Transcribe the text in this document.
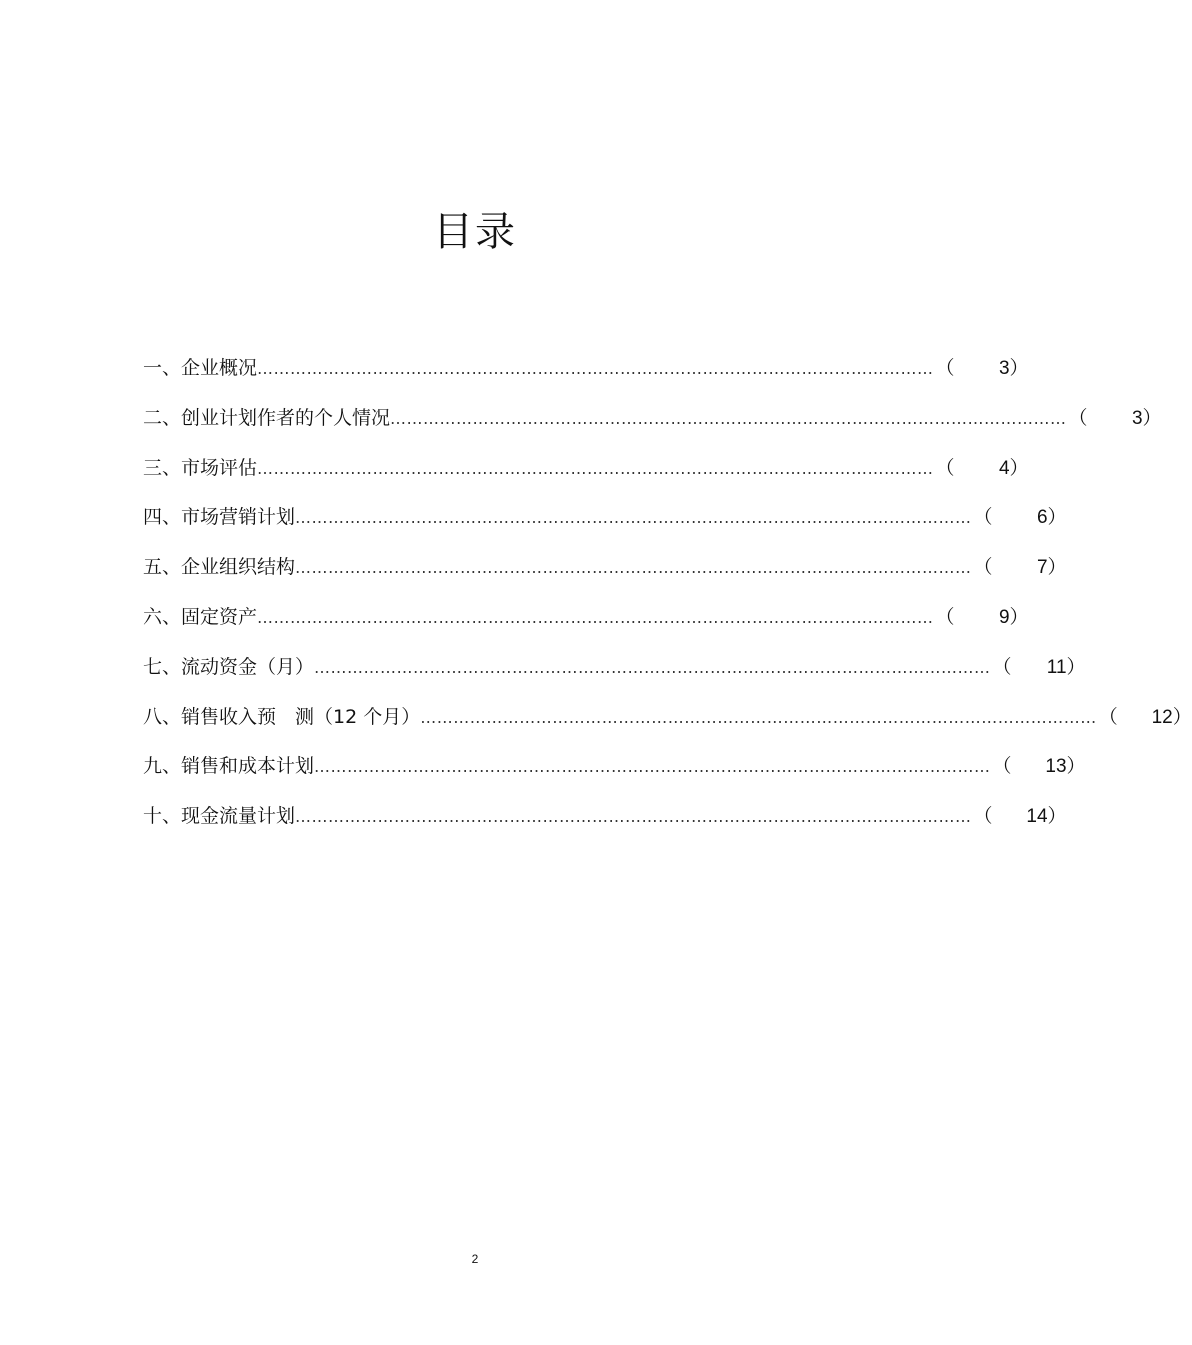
目录
一、企业概况 …………………………………………………………………………………………………………… （	3 ）
二、创业计划作者的个人情况 …………………………………………………………………………………………………………… （	3 ）
三、市场评估 …………………………………………………………………………………………………………… （	4 ）
四、市场营销计划 …………………………………………………………………………………………………………… （	6 ）
五、企业组织结构 …………………………………………………………………………………………………………… （	7 ）
六、固定资产 …………………………………………………………………………………………………………… （	9 ）
七、流动资金（月） …………………………………………………………………………………………………………… （	11 ）
八、销售收入预　测（12 个月） …………………………………………………………………………………………………………… （	12 ）
九、销售和成本计划 …………………………………………………………………………………………………………… （	13 ）
十、现金流量计划 …………………………………………………………………………………………………………… （	14 ）
2
